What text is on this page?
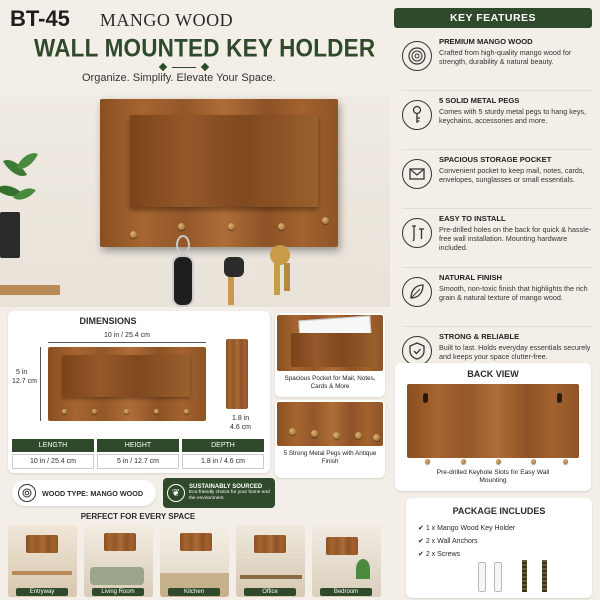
BT-45 MANGO WOOD
WALL MOUNTED KEY HOLDER
Organize. Simplify. Elevate Your Space.
KEY FEATURES
PREMIUM MANGO WOOD
Crafted from high-quality mango wood for strength, durability & natural beauty.
5 SOLID METAL PEGS
Comes with 5 sturdy metal pegs to hang keys, keychains, accessories and more.
SPACIOUS STORAGE POCKET
Convenient pocket to keep mail, notes, cards, envelopes, sunglasses or small essentials.
EASY TO INSTALL
Pre-drilled holes on the back for quick & hassle-free wall installation. Mounting hardware included.
NATURAL FINISH
Smooth, non-toxic finish that highlights the rich grain & natural texture of mango wood.
STRONG & RELIABLE
Built to last. Holds everyday essentials securely and keeps your space clutter-free.
DIMENSIONS
10 in / 25.4 cm
5 in
12.7 cm
1.8 in
4.6 cm
LENGTH	HEIGHT	DEPTH
10 in / 25.4 cm	5 in / 12.7 cm	1.8 in / 4.6 cm
Spacious Pocket for Mail, Notes, Cards & More
5 Strong Metal Pegs with Antique Finish
BACK VIEW
Pre-drilled Keyhole Slots for Easy Wall Mounting
WOOD TYPE: MANGO WOOD	❦
SUSTAINABLY SOURCED
Eco-friendly choice for your home and the environment.
PERFECT FOR EVERY SPACE
Entryway	Living Room	Kitchen	Office	Bedroom
PACKAGE INCLUDES
✔ 1 x Mango Wood Key Holder
✔ 2 x Wall Anchors
✔ 2 x Screws
